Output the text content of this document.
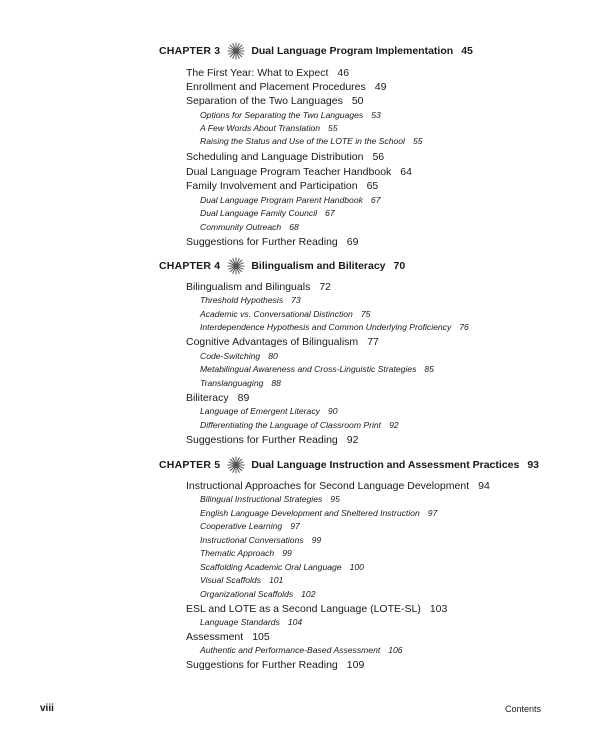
CHAPTER 3	Dual Language Program Implementation 45
The First Year: What to Expect 46
Enrollment and Placement Procedures 49
Separation of the Two Languages 50
Options for Separating the Two Languages 53
A Few Words About Translation 55
Raising the Status and Use of the LOTE in the School 55
Scheduling and Language Distribution 56
Dual Language Program Teacher Handbook 64
Family Involvement and Participation 65
Dual Language Program Parent Handbook 67
Dual Language Family Council 67
Community Outreach 68
Suggestions for Further Reading 69
CHAPTER 4	Bilingualism and Biliteracy 70
Bilingualism and Bilinguals 72
Threshold Hypothesis 73
Academic vs. Conversational Distinction 75
Interdependence Hypothesis and Common Underlying Proficiency 76
Cognitive Advantages of Bilingualism 77
Code-Switching 80
Metabilingual Awareness and Cross-Linguistic Strategies 85
Translanguaging 88
Biliteracy 89
Language of Emergent Literacy 90
Differentiating the Language of Classroom Print 92
Suggestions for Further Reading 92
CHAPTER 5	Dual Language Instruction and Assessment Practices 93
Instructional Approaches for Second Language Development 94
Bilingual Instructional Strategies 95
English Language Development and Sheltered Instruction 97
Cooperative Learning 97
Instructional Conversations 99
Thematic Approach 99
Scaffolding Academic Oral Language 100
Visual Scaffolds 101
Organizational Scaffolds 102
ESL and LOTE as a Second Language (LOTE-SL) 103
Language Standards 104
Assessment 105
Authentic and Performance-Based Assessment 106
Suggestions for Further Reading 109
viii	Contents
